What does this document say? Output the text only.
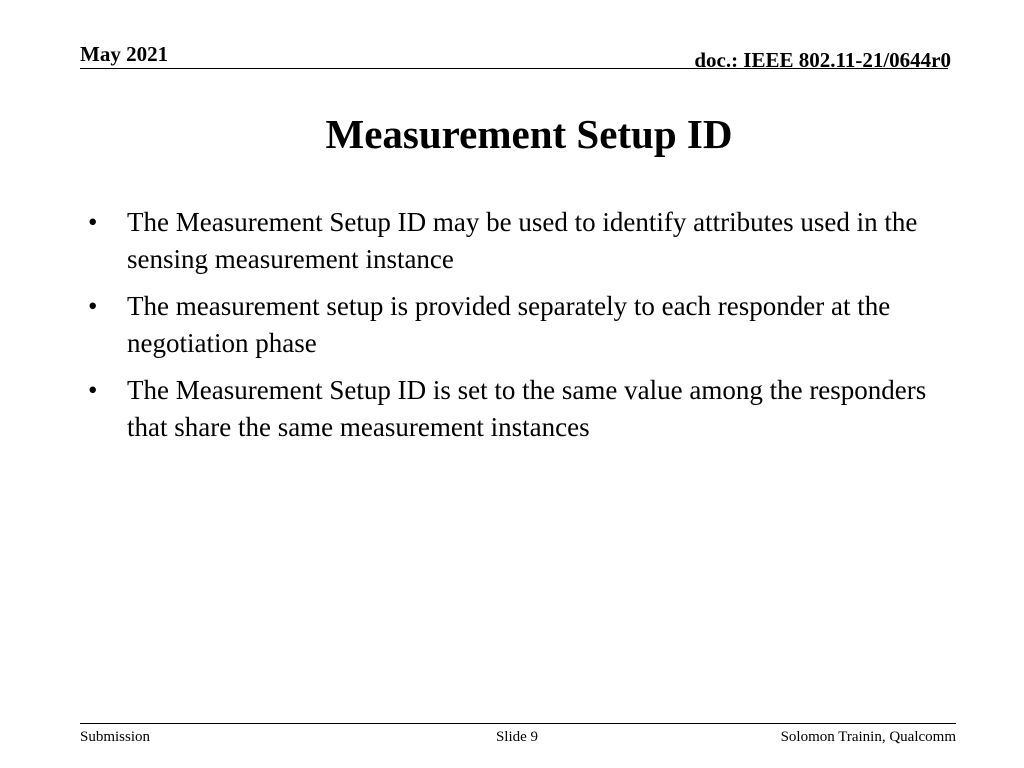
May 2021	doc.: IEEE 802.11-21/0644r0
Measurement Setup ID
• The Measurement Setup ID may be used to identify attributes used in the sensing measurement instance
• The measurement setup is provided separately to each responder at the negotiation phase
• The Measurement Setup ID is set to the same value among the responders that share the same measurement instances
Submission	Slide 9	Solomon Trainin, Qualcomm
